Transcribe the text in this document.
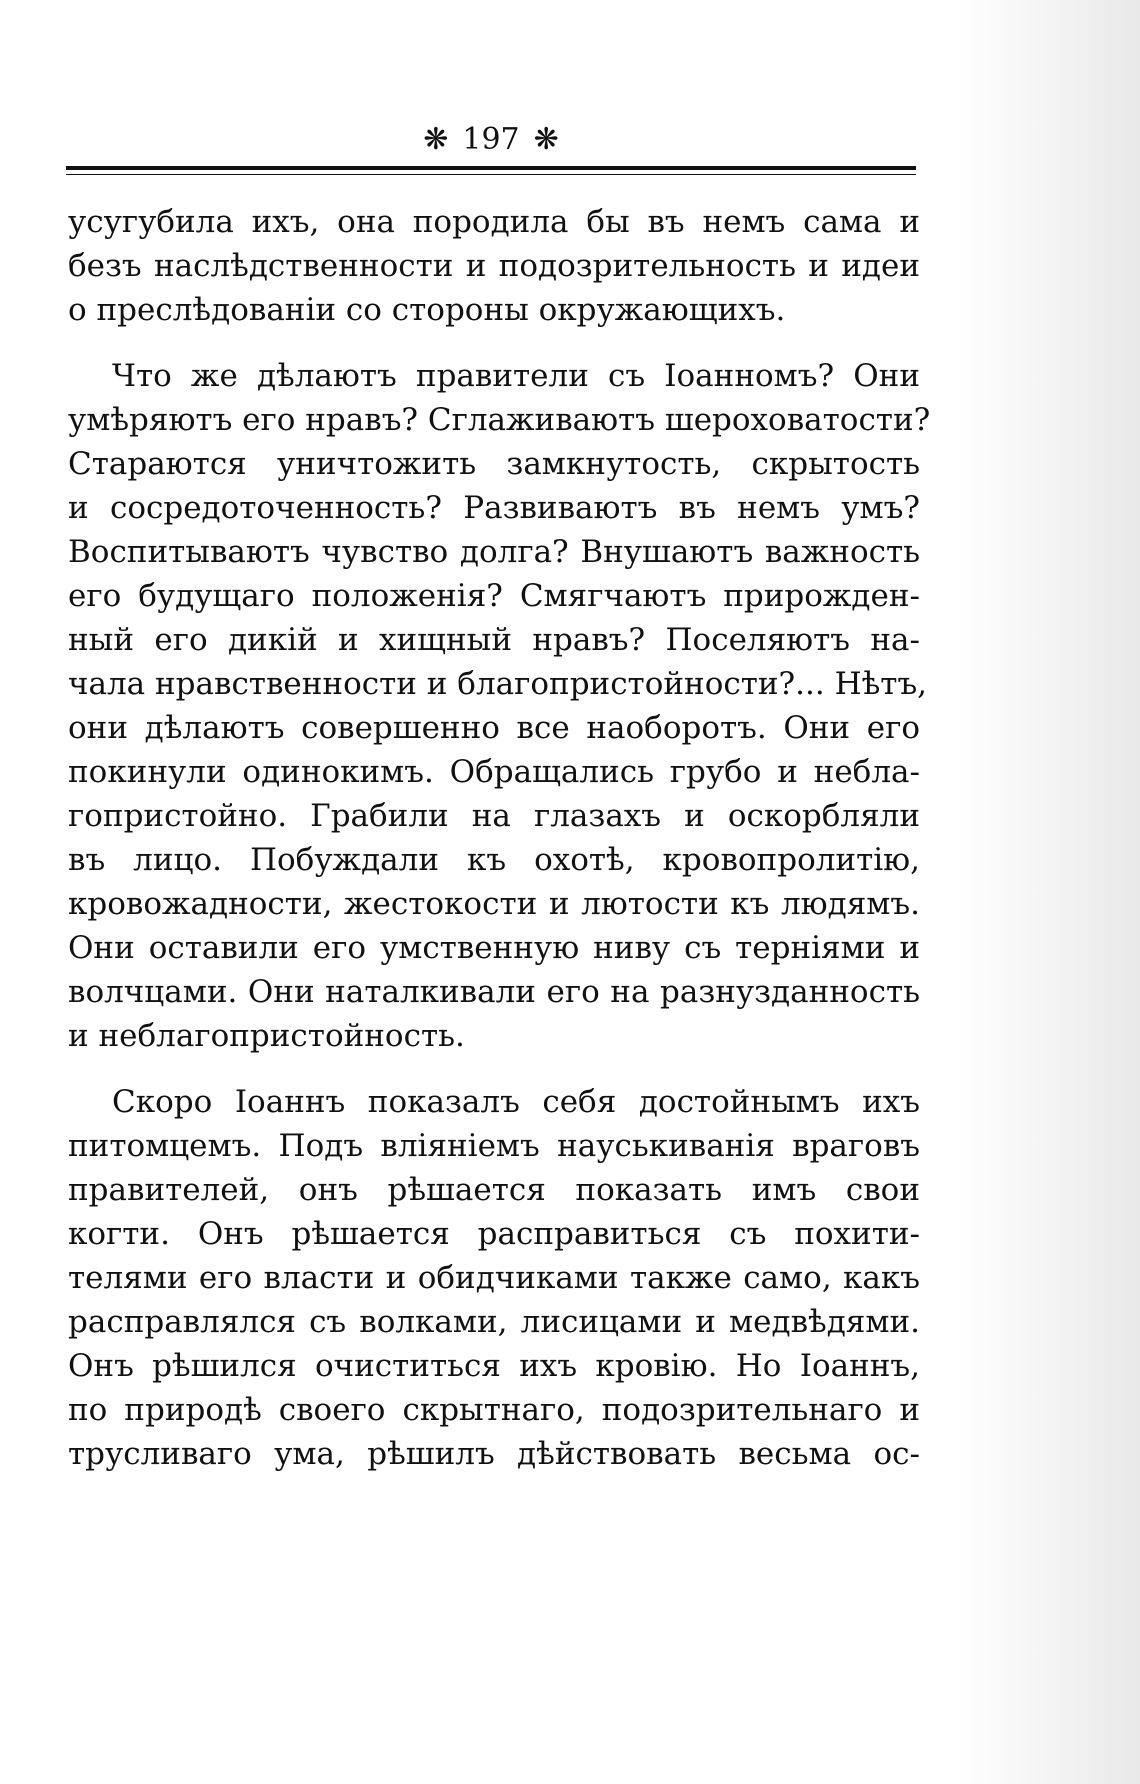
❋ 197 ❋
усугубила ихъ, она породила бы въ немъ сама и
безъ наслѣдственности и подозрительность и идеи
о преслѣдованіи со стороны окружающихъ.
Что же дѣлаютъ правители съ Іоанномъ? Они
умѣряютъ его нравъ? Сглаживаютъ шероховатости?
Стараются уничтожить замкнутость, скрытость
и сосредоточенность? Развиваютъ въ немъ умъ?
Воспитываютъ чувство долга? Внушаютъ важность
его будущаго положенія? Смягчаютъ прирожден-
ный его дикій и хищный нравъ? Поселяютъ на-
чала нравственности и благопристойности?... Нѣтъ,
они дѣлаютъ совершенно все наоборотъ. Они его
покинули одинокимъ. Обращались грубо и небла-
гопристойно. Грабили на глазахъ и оскорбляли
въ лицо. Побуждали къ охотѣ, кровопролитію,
кровожадности, жестокости и лютости къ людямъ.
Они оставили его умственную ниву съ терніями и
волчцами. Они наталкивали его на разнузданность
и неблагопристойность.
Скоро Іоаннъ показалъ себя достойнымъ ихъ
питомцемъ. Подъ вліяніемъ науськиванія враговъ
правителей, онъ рѣшается показать имъ свои
когти. Онъ рѣшается расправиться съ похити-
телями его власти и обидчиками также само, какъ
расправлялся съ волками, лисицами и медвѣдями.
Онъ рѣшился очиститься ихъ кровію. Но Іоаннъ,
по природѣ своего скрытнаго, подозрительнаго и
трусливаго ума, рѣшилъ дѣйствовать весьма ос-
